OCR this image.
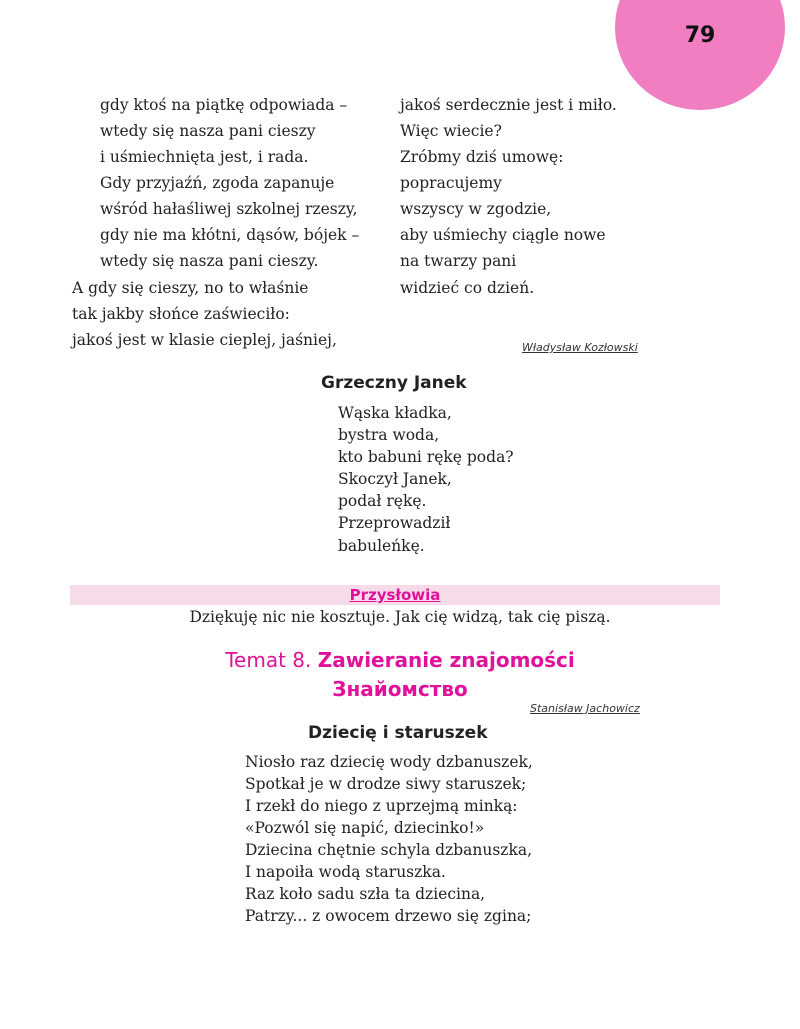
79
gdy ktoś na piątkę odpowiada –
wtedy się nasza pani cieszy
i uśmiechnięta jest, i rada.
Gdy przyjaźń, zgoda zapanuje
wśród hałaśliwej szkolnej rzeszy,
gdy nie ma kłótni, dąsów, bójek –
wtedy się nasza pani cieszy.
A gdy się cieszy, no to właśnie
tak jakby słońce zaświeciło:
jakoś jest w klasie cieplej, jaśniej,
jakoś serdecznie jest i miło.
Więc wiecie?
Zróbmy dziś umowę:
popracujemy
wszyscy w zgodzie,
aby uśmiechy ciągle nowe
na twarzy pani
widzieć co dzień.
Władysław Kozłowski
Grzeczny Janek
Wąska kładka,
bystra woda,
kto babuni rękę poda?
Skoczył Janek,
podał rękę.
Przeprowadził
babuleńkę.
Przysłowia
Dziękuję nic nie kosztuje. Jak cię widzą, tak cię piszą.
Temat 8. Zawieranie znajomości
Знайомство
Stanisław Jachowicz
Dziecię i staruszek
Niosło raz dziecię wody dzbanuszek,
Spotkał je w drodze siwy staruszek;
I rzekł do niego z uprzejmą minką:
«Pozwól się napić, dziecinko!»
Dziecina chętnie schyla dzbanuszka,
I napoiła wodą staruszka.
Raz koło sadu szła ta dziecina,
Patrzy... z owocem drzewo się zgina;
